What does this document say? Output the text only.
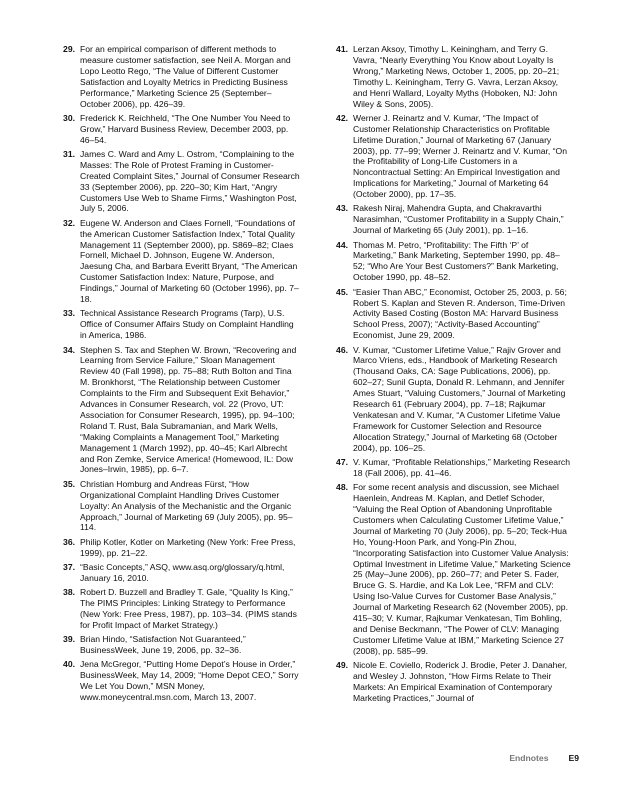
29. For an empirical comparison of different methods to measure customer satisfaction, see Neil A. Morgan and Lopo Leotto Rego, “The Value of Different Customer Satisfaction and Loyalty Metrics in Predicting Business Performance,” Marketing Science 25 (September–October 2006), pp. 426–39.
30. Frederick K. Reichheld, “The One Number You Need to Grow,” Harvard Business Review, December 2003, pp. 46–54.
31. James C. Ward and Amy L. Ostrom, “Complaining to the Masses: The Role of Protest Framing in Customer-Created Complaint Sites,” Journal of Consumer Research 33 (September 2006), pp. 220–30; Kim Hart, “Angry Customers Use Web to Shame Firms,” Washington Post, July 5, 2006.
32. Eugene W. Anderson and Claes Fornell, “Foundations of the American Customer Satisfaction Index,” Total Quality Management 11 (September 2000), pp. S869–82; Claes Fornell, Michael D. Johnson, Eugene W. Anderson, Jaesung Cha, and Barbara Everitt Bryant, “The American Customer Satisfaction Index: Nature, Purpose, and Findings,” Journal of Marketing 60 (October 1996), pp. 7–18.
33. Technical Assistance Research Programs (Tarp), U.S. Office of Consumer Affairs Study on Complaint Handling in America, 1986.
34. Stephen S. Tax and Stephen W. Brown, “Recovering and Learning from Service Failure,” Sloan Management Review 40 (Fall 1998), pp. 75–88; Ruth Bolton and Tina M. Bronkhorst, “The Relationship between Customer Complaints to the Firm and Subsequent Exit Behavior,” Advances in Consumer Research, vol. 22 (Provo, UT: Association for Consumer Research, 1995), pp. 94–100; Roland T. Rust, Bala Subramanian, and Mark Wells, “Making Complaints a Management Tool,” Marketing Management 1 (March 1992), pp. 40–45; Karl Albrecht and Ron Zemke, Service America! (Homewood, IL: Dow Jones–Irwin, 1985), pp. 6–7.
35. Christian Homburg and Andreas Fürst, “How Organizational Complaint Handling Drives Customer Loyalty: An Analysis of the Mechanistic and the Organic Approach,” Journal of Marketing 69 (July 2005), pp. 95–114.
36. Philip Kotler, Kotler on Marketing (New York: Free Press, 1999), pp. 21–22.
37. “Basic Concepts,” ASQ, www.asq.org/glossary/q.html, January 16, 2010.
38. Robert D. Buzzell and Bradley T. Gale, “Quality Is King,” The PIMS Principles: Linking Strategy to Performance (New York: Free Press, 1987), pp. 103–34. (PIMS stands for Profit Impact of Market Strategy.)
39. Brian Hindo, “Satisfaction Not Guaranteed,” BusinessWeek, June 19, 2006, pp. 32–36.
40. Jena McGregor, “Putting Home Depot’s House in Order,” BusinessWeek, May 14, 2009; “Home Depot CEO,” Sorry We Let You Down,” MSN Money, www.moneycentral.msn.com, March 13, 2007.
41. Lerzan Aksoy, Timothy L. Keiningham, and Terry G. Vavra, “Nearly Everything You Know about Loyalty Is Wrong,” Marketing News, October 1, 2005, pp. 20–21; Timothy L. Keiningham, Terry G. Vavra, Lerzan Aksoy, and Henri Wallard, Loyalty Myths (Hoboken, NJ: John Wiley & Sons, 2005).
42. Werner J. Reinartz and V. Kumar, “The Impact of Customer Relationship Characteristics on Profitable Lifetime Duration,” Journal of Marketing 67 (January 2003), pp. 77–99; Werner J. Reinartz and V. Kumar, “On the Profitability of Long-Life Customers in a Noncontractual Setting: An Empirical Investigation and Implications for Marketing,” Journal of Marketing 64 (October 2000), pp. 17–35.
43. Rakesh Niraj, Mahendra Gupta, and Chakravarthi Narasimhan, “Customer Profitability in a Supply Chain,” Journal of Marketing 65 (July 2001), pp. 1–16.
44. Thomas M. Petro, “Profitability: The Fifth ‘P’ of Marketing,” Bank Marketing, September 1990, pp. 48–52; “Who Are Your Best Customers?” Bank Marketing, October 1990, pp. 48–52.
45. “Easier Than ABC,” Economist, October 25, 2003, p. 56; Robert S. Kaplan and Steven R. Anderson, Time-Driven Activity Based Costing (Boston MA: Harvard Business School Press, 2007); “Activity-Based Accounting” Economist, June 29, 2009.
46. V. Kumar, “Customer Lifetime Value,” Rajiv Grover and Marco Vriens, eds., Handbook of Marketing Research (Thousand Oaks, CA: Sage Publications, 2006), pp. 602–27; Sunil Gupta, Donald R. Lehmann, and Jennifer Ames Stuart, “Valuing Customers,” Journal of Marketing Research 61 (February 2004), pp. 7–18; Rajkumar Venkatesan and V. Kumar, “A Customer Lifetime Value Framework for Customer Selection and Resource Allocation Strategy,” Journal of Marketing 68 (October 2004), pp. 106–25.
47. V. Kumar, “Profitable Relationships,” Marketing Research 18 (Fall 2006), pp. 41–46.
48. For some recent analysis and discussion, see Michael Haenlein, Andreas M. Kaplan, and Detlef Schoder, “Valuing the Real Option of Abandoning Unprofitable Customers when Calculating Customer Lifetime Value,” Journal of Marketing 70 (July 2006), pp. 5–20; Teck-Hua Ho, Young-Hoon Park, and Yong-Pin Zhou, “Incorporating Satisfaction into Customer Value Analysis: Optimal Investment in Lifetime Value,” Marketing Science 25 (May–June 2006), pp. 260–77; and Peter S. Fader, Bruce G. S. Hardie, and Ka Lok Lee, “RFM and CLV: Using Iso-Value Curves for Customer Base Analysis,” Journal of Marketing Research 62 (November 2005), pp. 415–30; V. Kumar, Rajkumar Venkatesan, Tim Bohling, and Denise Beckmann, “The Power of CLV: Managing Customer Lifetime Value at IBM,” Marketing Science 27 (2008), pp. 585–99.
49. Nicole E. Coviello, Roderick J. Brodie, Peter J. Danaher, and Wesley J. Johnston, “How Firms Relate to Their Markets: An Empirical Examination of Contemporary Marketing Practices,” Journal of
Endnotes E9
